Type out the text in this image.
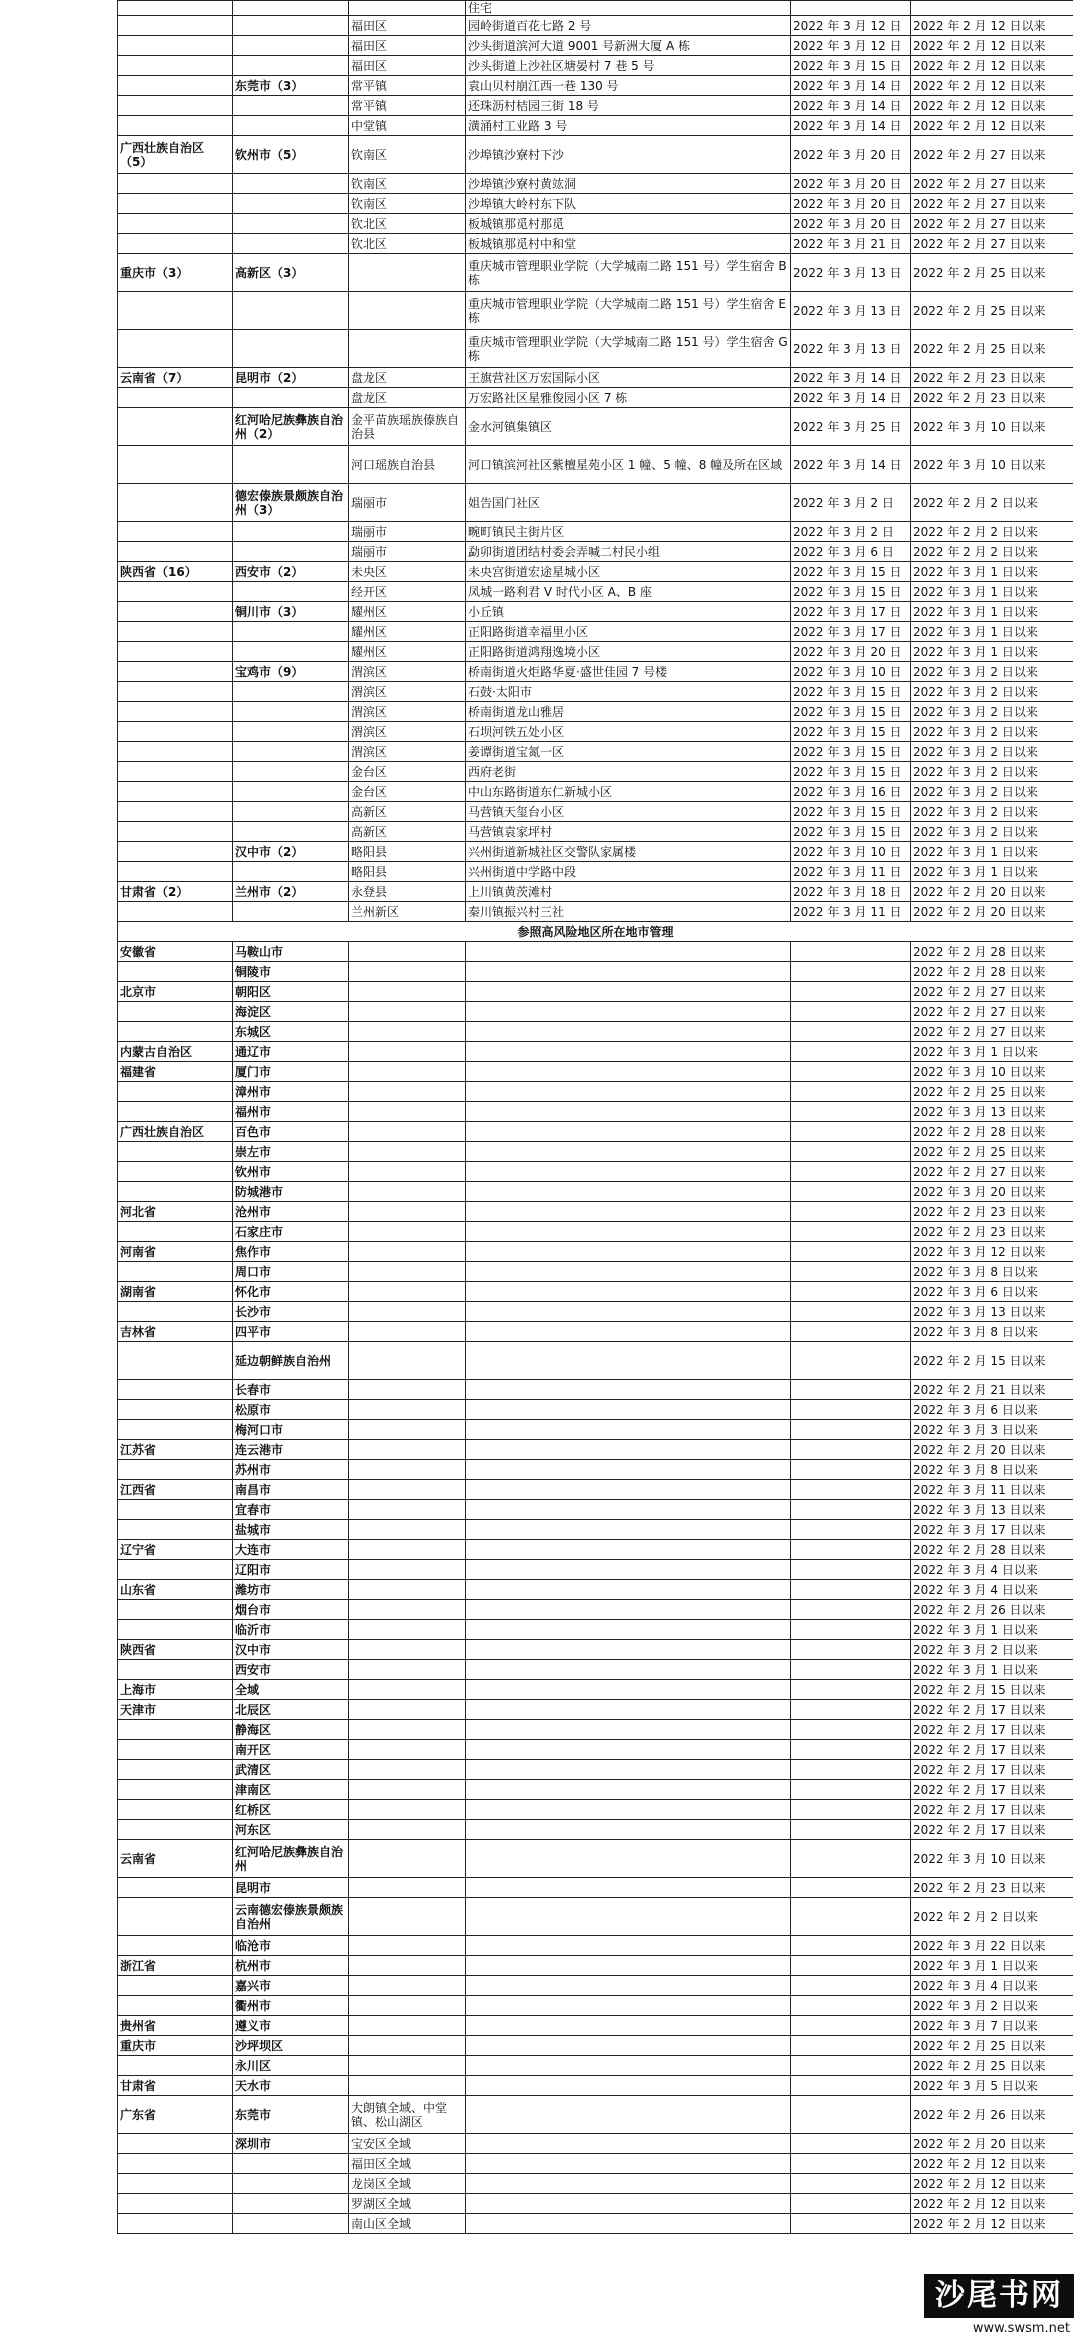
			住宅		
		福田区	园岭街道百花七路 2 号	2022 年 3 月 12 日	2022 年 2 月 12 日以来
		福田区	沙头街道滨河大道 9001 号新洲大厦 A 栋	2022 年 3 月 12 日	2022 年 2 月 12 日以来
		福田区	沙头街道上沙社区塘晏村 7 巷 5 号	2022 年 3 月 15 日	2022 年 2 月 12 日以来
	东莞市（3）	常平镇	袁山贝村崩江西一巷 130 号	2022 年 3 月 14 日	2022 年 2 月 12 日以来
		常平镇	还珠沥村桔园三街 18 号	2022 年 3 月 14 日	2022 年 2 月 12 日以来
		中堂镇	潢涌村工业路 3 号	2022 年 3 月 14 日	2022 年 2 月 12 日以来
广西壮族自治区（5）	钦州市（5）	钦南区	沙埠镇沙寮村下沙	2022 年 3 月 20 日	2022 年 2 月 27 日以来
		钦南区	沙埠镇沙寮村黄竑洞	2022 年 3 月 20 日	2022 年 2 月 27 日以来
		钦南区	沙埠镇大岭村东下队	2022 年 3 月 20 日	2022 年 2 月 27 日以来
		钦北区	板城镇那觅村那觅	2022 年 3 月 20 日	2022 年 2 月 27 日以来
		钦北区	板城镇那觅村中和堂	2022 年 3 月 21 日	2022 年 2 月 27 日以来
重庆市（3）	高新区（3）		重庆城市管理职业学院（大学城南二路 151 号）学生宿舍 B 栋	2022 年 3 月 13 日	2022 年 2 月 25 日以来
			重庆城市管理职业学院（大学城南二路 151 号）学生宿舍 E 栋	2022 年 3 月 13 日	2022 年 2 月 25 日以来
			重庆城市管理职业学院（大学城南二路 151 号）学生宿舍 G 栋	2022 年 3 月 13 日	2022 年 2 月 25 日以来
云南省（7）	昆明市（2）	盘龙区	王旗营社区万宏国际小区	2022 年 3 月 14 日	2022 年 2 月 23 日以来
		盘龙区	万宏路社区星雅俊园小区 7 栋	2022 年 3 月 14 日	2022 年 2 月 23 日以来
	红河哈尼族彝族自治州（2）	金平苗族瑶族傣族自治县	金水河镇集镇区	2022 年 3 月 25 日	2022 年 3 月 10 日以来
		河口瑶族自治县	河口镇滨河社区紫檀星苑小区 1 幢、5 幢、8 幢及所在区域	2022 年 3 月 14 日	2022 年 3 月 10 日以来
	德宏傣族景颇族自治州（3）	瑞丽市	姐告国门社区	2022 年 3 月 2 日	2022 年 2 月 2 日以来
		瑞丽市	畹町镇民主街片区	2022 年 3 月 2 日	2022 年 2 月 2 日以来
		瑞丽市	勐卯街道团结村委会弄喊二村民小组	2022 年 3 月 6 日	2022 年 2 月 2 日以来
陕西省（16）	西安市（2）	未央区	未央宫街道宏途星城小区	2022 年 3 月 15 日	2022 年 3 月 1 日以来
		经开区	凤城一路利君 V 时代小区 A、B 座	2022 年 3 月 15 日	2022 年 3 月 1 日以来
	铜川市（3）	耀州区	小丘镇	2022 年 3 月 17 日	2022 年 3 月 1 日以来
		耀州区	正阳路街道幸福里小区	2022 年 3 月 17 日	2022 年 3 月 1 日以来
		耀州区	正阳路街道鸿翔逸境小区	2022 年 3 月 20 日	2022 年 3 月 1 日以来
	宝鸡市（9）	渭滨区	桥南街道火炬路华夏·盛世佳园 7 号楼	2022 年 3 月 10 日	2022 年 3 月 2 日以来
		渭滨区	石鼓·太阳市	2022 年 3 月 15 日	2022 年 3 月 2 日以来
		渭滨区	桥南街道龙山雅居	2022 年 3 月 15 日	2022 年 3 月 2 日以来
		渭滨区	石坝河铁五处小区	2022 年 3 月 15 日	2022 年 3 月 2 日以来
		渭滨区	姜谭街道宝氮一区	2022 年 3 月 15 日	2022 年 3 月 2 日以来
		金台区	西府老街	2022 年 3 月 15 日	2022 年 3 月 2 日以来
		金台区	中山东路街道东仁新城小区	2022 年 3 月 16 日	2022 年 3 月 2 日以来
		高新区	马营镇天玺台小区	2022 年 3 月 15 日	2022 年 3 月 2 日以来
		高新区	马营镇袁家坪村	2022 年 3 月 15 日	2022 年 3 月 2 日以来
	汉中市（2）	略阳县	兴州街道新城社区交警队家属楼	2022 年 3 月 10 日	2022 年 3 月 1 日以来
		略阳县	兴州街道中学路中段	2022 年 3 月 11 日	2022 年 3 月 1 日以来
甘肃省（2）	兰州市（2）	永登县	上川镇黄茨滩村	2022 年 3 月 18 日	2022 年 2 月 20 日以来
		兰州新区	秦川镇振兴村三社	2022 年 3 月 11 日	2022 年 2 月 20 日以来
参照高风险地区所在地市管理					
安徽省	马鞍山市				2022 年 2 月 28 日以来
	铜陵市				2022 年 2 月 28 日以来
北京市	朝阳区				2022 年 2 月 27 日以来
	海淀区				2022 年 2 月 27 日以来
	东城区				2022 年 2 月 27 日以来
内蒙古自治区	通辽市				2022 年 3 月 1 日以来
福建省	厦门市				2022 年 3 月 10 日以来
	漳州市				2022 年 2 月 25 日以来
	福州市				2022 年 3 月 13 日以来
广西壮族自治区	百色市				2022 年 2 月 28 日以来
	崇左市				2022 年 2 月 25 日以来
	钦州市				2022 年 2 月 27 日以来
	防城港市				2022 年 3 月 20 日以来
河北省	沧州市				2022 年 2 月 23 日以来
	石家庄市				2022 年 2 月 23 日以来
河南省	焦作市				2022 年 3 月 12 日以来
	周口市				2022 年 3 月 8 日以来
湖南省	怀化市				2022 年 3 月 6 日以来
	长沙市				2022 年 3 月 13 日以来
吉林省	四平市				2022 年 3 月 8 日以来
	延边朝鲜族自治州				2022 年 2 月 15 日以来
	长春市				2022 年 2 月 21 日以来
	松原市				2022 年 3 月 6 日以来
	梅河口市				2022 年 3 月 3 日以来
江苏省	连云港市				2022 年 2 月 20 日以来
	苏州市				2022 年 3 月 8 日以来
江西省	南昌市				2022 年 3 月 11 日以来
	宜春市				2022 年 3 月 13 日以来
	盐城市				2022 年 3 月 17 日以来
辽宁省	大连市				2022 年 2 月 28 日以来
	辽阳市				2022 年 3 月 4 日以来
山东省	潍坊市				2022 年 3 月 4 日以来
	烟台市				2022 年 2 月 26 日以来
	临沂市				2022 年 3 月 1 日以来
陕西省	汉中市				2022 年 3 月 2 日以来
	西安市				2022 年 3 月 1 日以来
上海市	全域				2022 年 2 月 15 日以来
天津市	北辰区				2022 年 2 月 17 日以来
	静海区				2022 年 2 月 17 日以来
	南开区				2022 年 2 月 17 日以来
	武清区				2022 年 2 月 17 日以来
	津南区				2022 年 2 月 17 日以来
	红桥区				2022 年 2 月 17 日以来
	河东区				2022 年 2 月 17 日以来
云南省	红河哈尼族彝族自治州				2022 年 3 月 10 日以来
	昆明市				2022 年 2 月 23 日以来
	云南德宏傣族景颇族自治州				2022 年 2 月 2 日以来
	临沧市				2022 年 3 月 22 日以来
浙江省	杭州市				2022 年 3 月 1 日以来
	嘉兴市				2022 年 3 月 4 日以来
	衢州市				2022 年 3 月 2 日以来
贵州省	遵义市				2022 年 3 月 7 日以来
重庆市	沙坪坝区				2022 年 2 月 25 日以来
	永川区				2022 年 2 月 25 日以来
甘肃省	天水市				2022 年 3 月 5 日以来
广东省	东莞市	大朗镇全域、中堂镇、松山湖区			2022 年 2 月 26 日以来
	深圳市	宝安区全域			2022 年 2 月 20 日以来
		福田区全域			2022 年 2 月 12 日以来
		龙岗区全域			2022 年 2 月 12 日以来
		罗湖区全域			2022 年 2 月 12 日以来
		南山区全域			2022 年 2 月 12 日以来
沙尾书网
www.swsm.net
